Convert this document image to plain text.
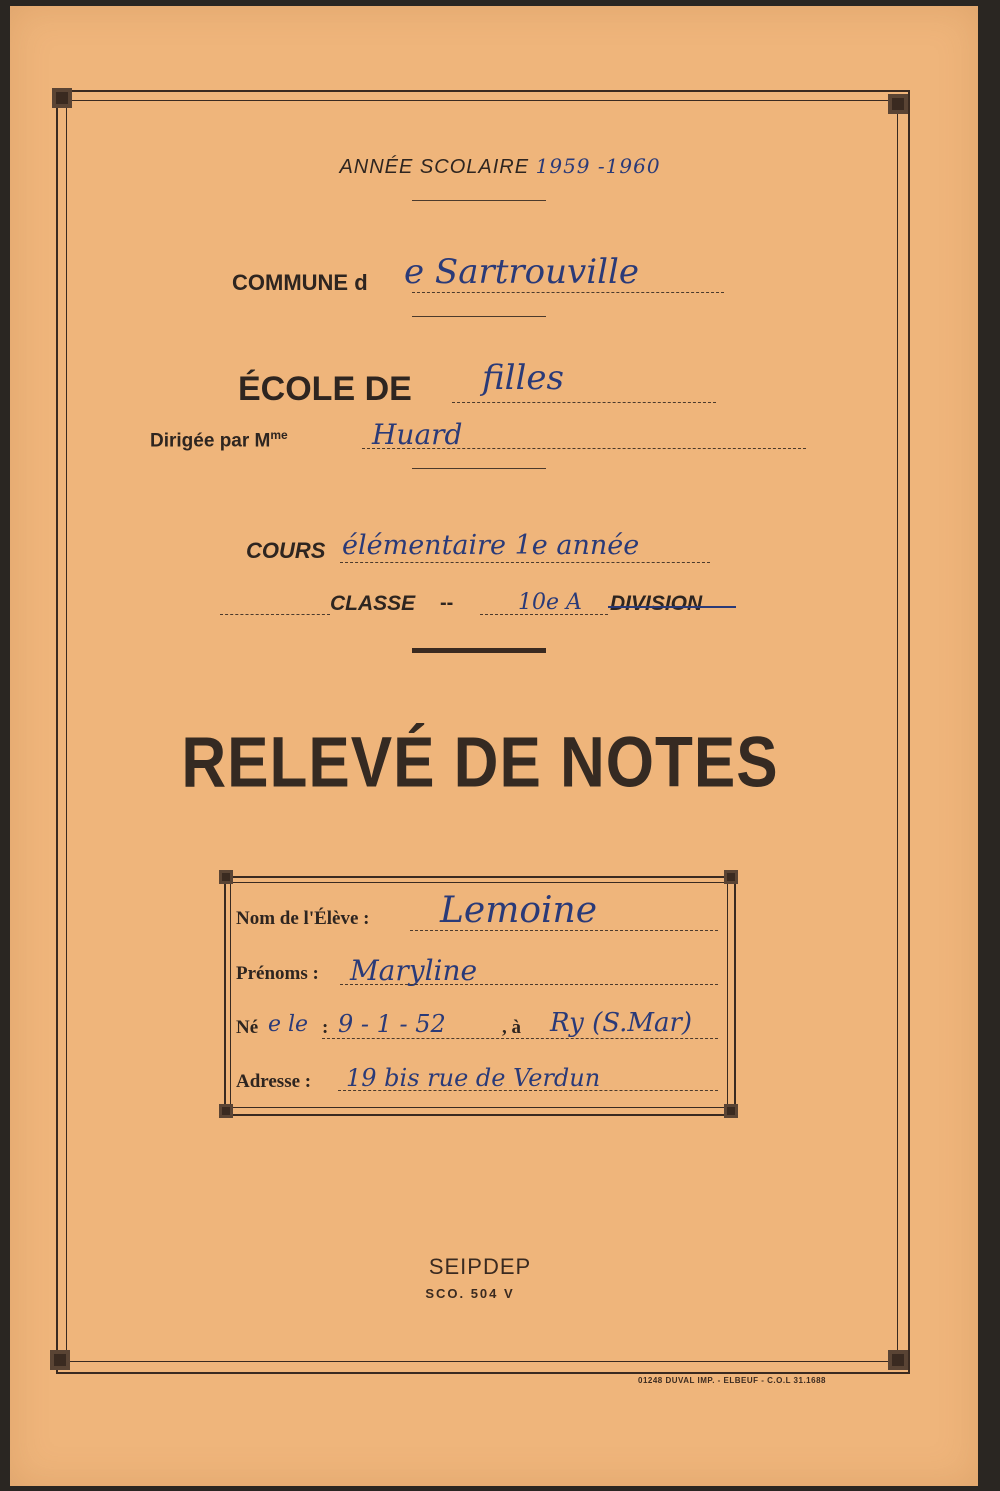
ANNÉE SCOLAIRE 1959 -1960
COMMUNE d e Sartrouville
ÉCOLE DE filles
Dirigée par $M^{me}$	Huard
COURS élémentaire 1e année
CLASSE --	10e A DIVISION
RELEVÉ DE NOTES
Nom de l'Élève : Lemoine
Prénoms : Maryline
Né e le : 9 - 1 - 52	, à Ry (S.Mar)
Adresse : 19 bis rue de Verdun
SEIPDEP
SCO. 504 V
01248 DUVAL IMP. - ELBEUF - C.O.L 31.1688
